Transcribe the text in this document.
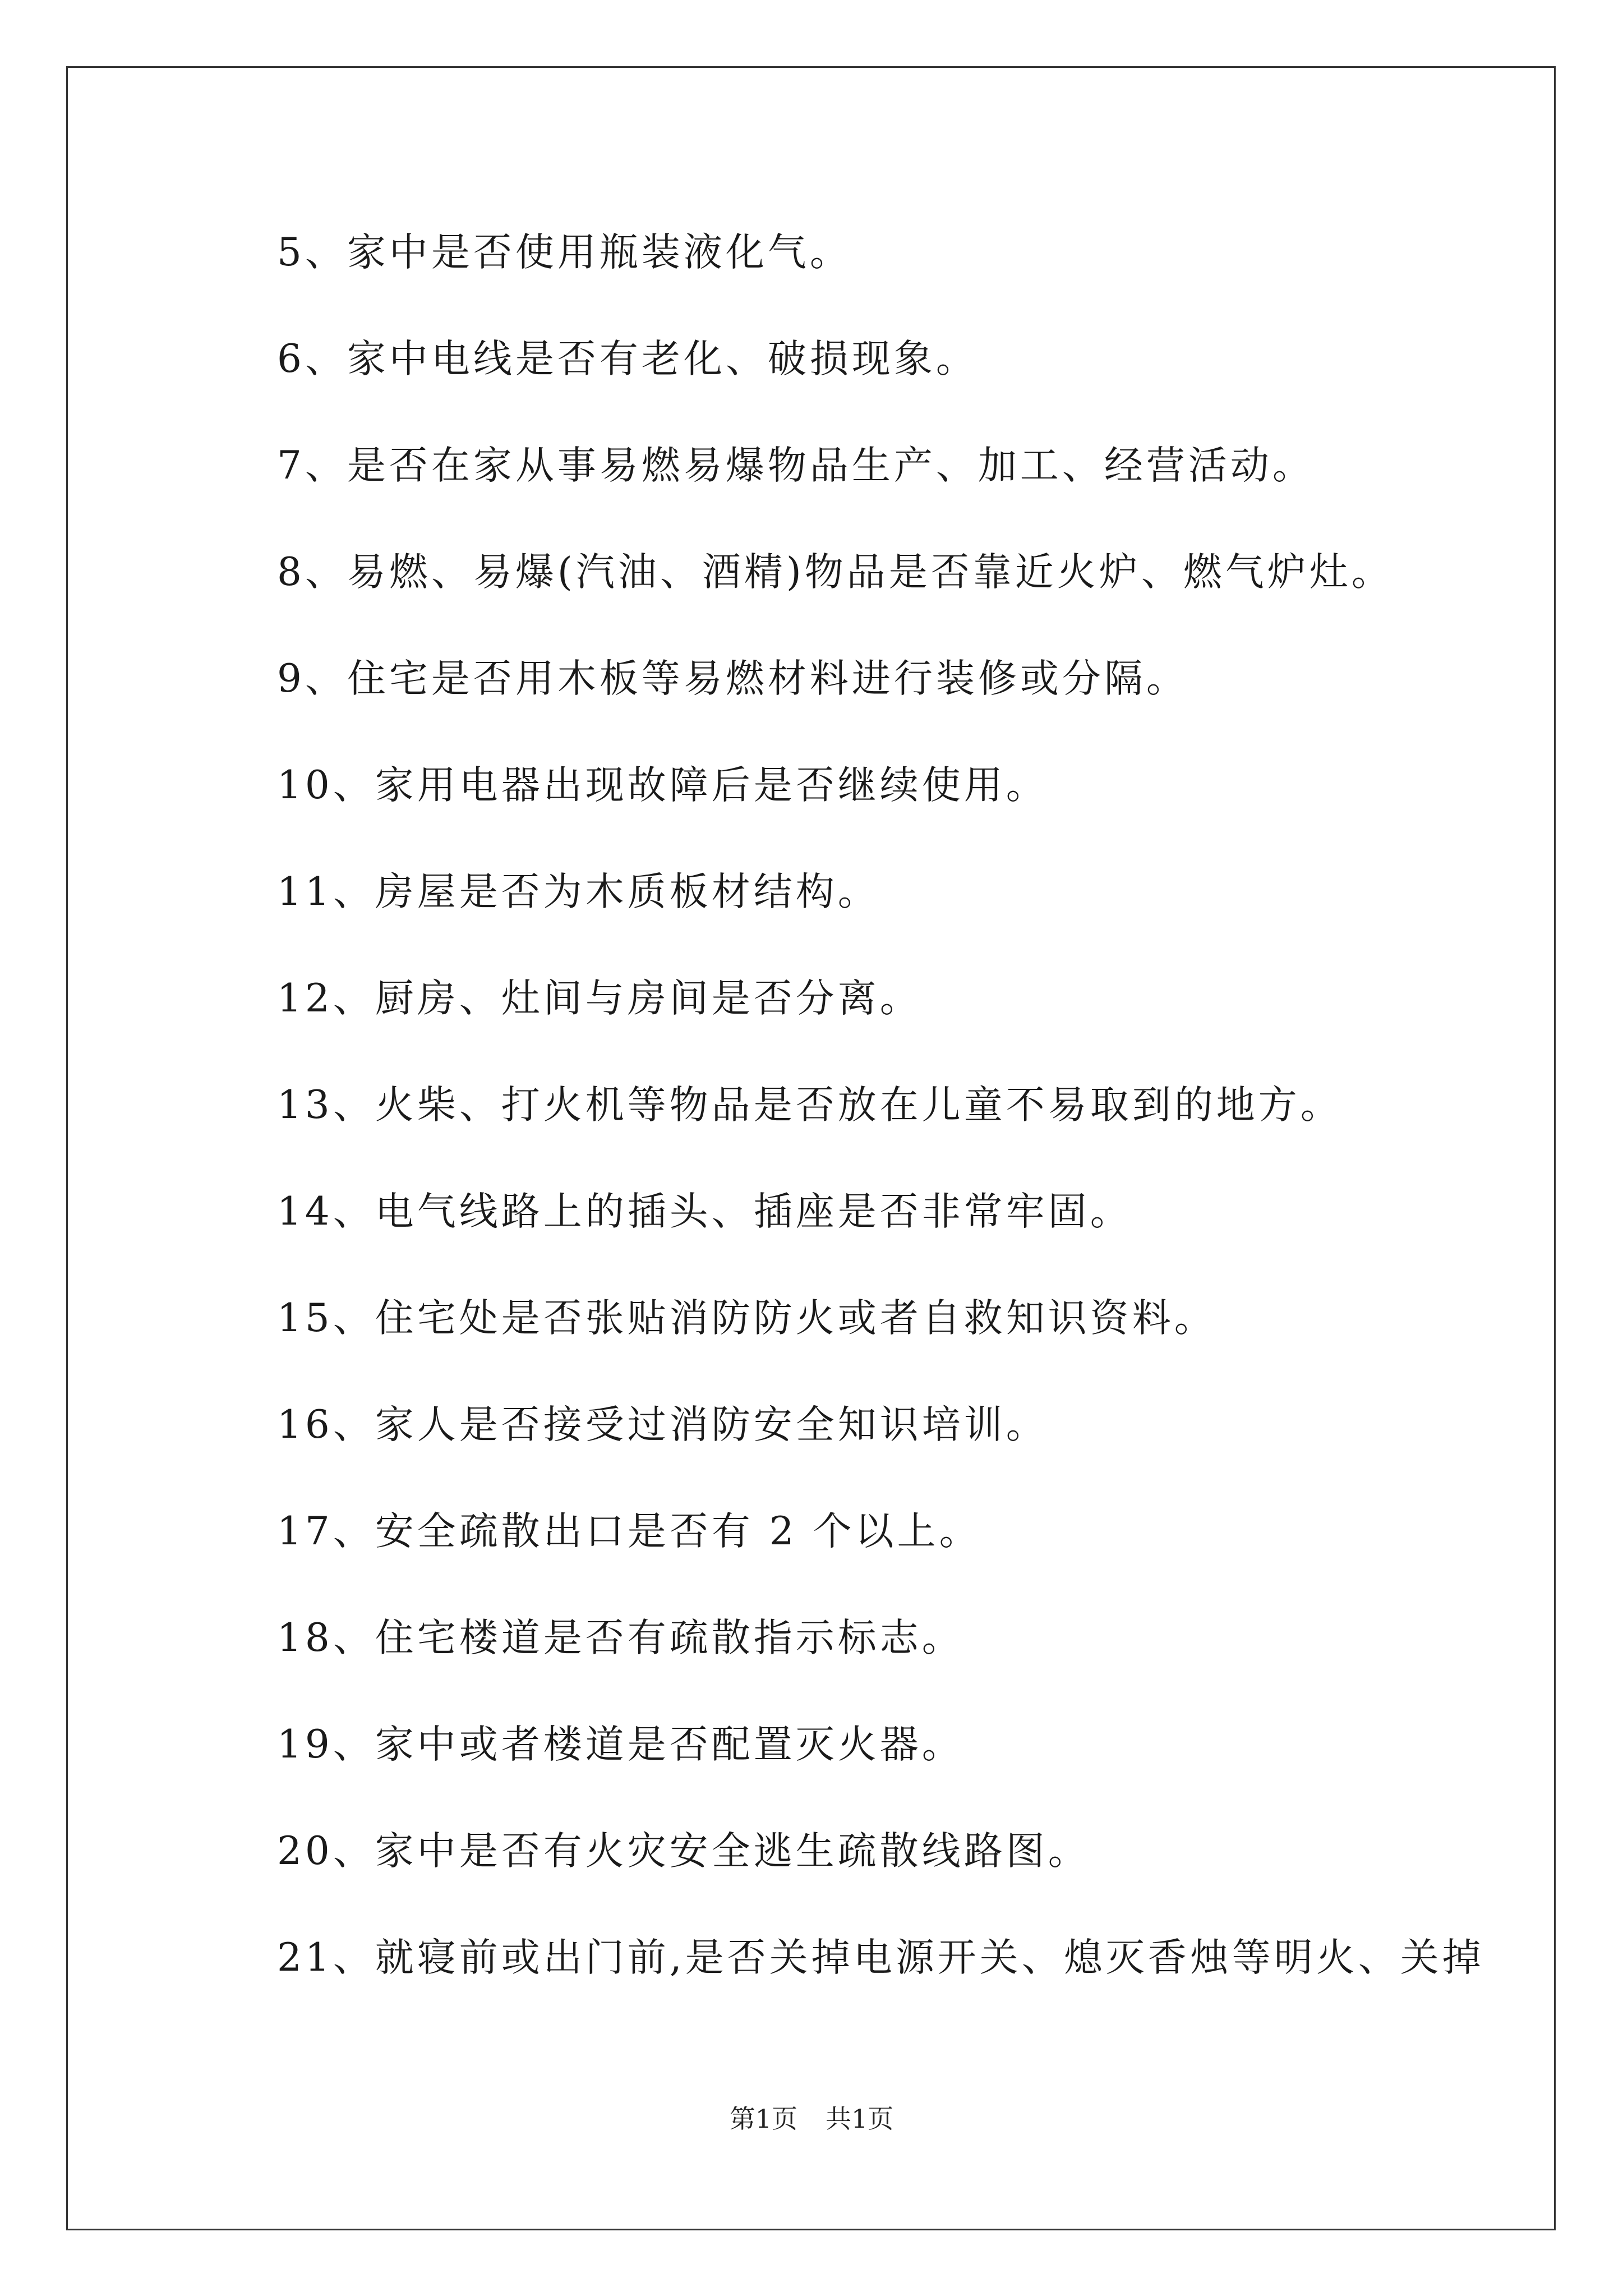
5、家中是否使用瓶装液化气。
6、家中电线是否有老化、破损现象。
7、是否在家从事易燃易爆物品生产、加工、经营活动。
8、易燃、易爆(汽油、酒精)物品是否靠近火炉、燃气炉灶。
9、住宅是否用木板等易燃材料进行装修或分隔。
10、家用电器出现故障后是否继续使用。
11、房屋是否为木质板材结构。
12、厨房、灶间与房间是否分离。
13、火柴、打火机等物品是否放在儿童不易取到的地方。
14、电气线路上的插头、插座是否非常牢固。
15、住宅处是否张贴消防防火或者自救知识资料。
16、家人是否接受过消防安全知识培训。
17、安全疏散出口是否有 2 个以上。
18、住宅楼道是否有疏散指示标志。
19、家中或者楼道是否配置灭火器。
20、家中是否有火灾安全逃生疏散线路图。
21、就寝前或出门前,是否关掉电源开关、熄灭香烛等明火、关掉
第1页 共1页
